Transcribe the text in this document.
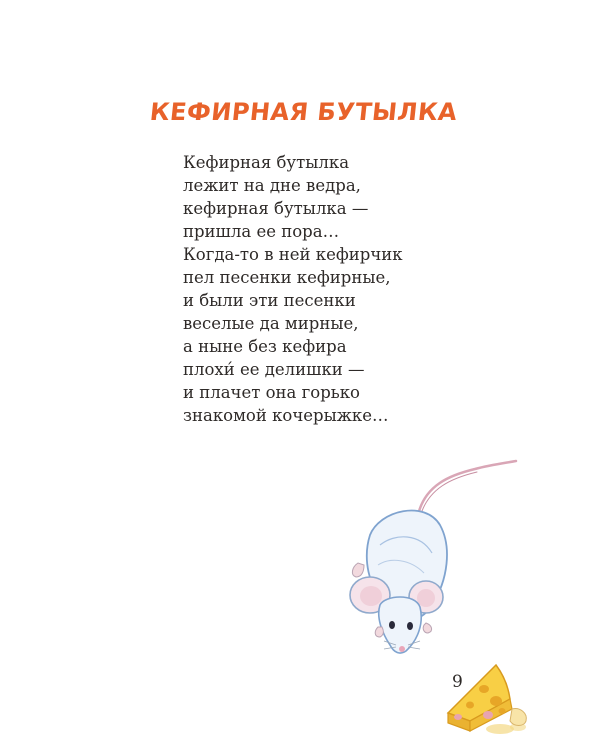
КЕФИРНАЯ БУТЫЛКА
Кефирная бутылка
лежит на дне ведра,
кефирная бутылка —
пришла ее пора…
Когда-то в ней кефирчик
пел песенки кефирные,
и были эти песенки
веселые да мирные,
а ныне без кефира
плохи́ ее делишки —
и плачет она горько
знакомой кочерыжке…
9
